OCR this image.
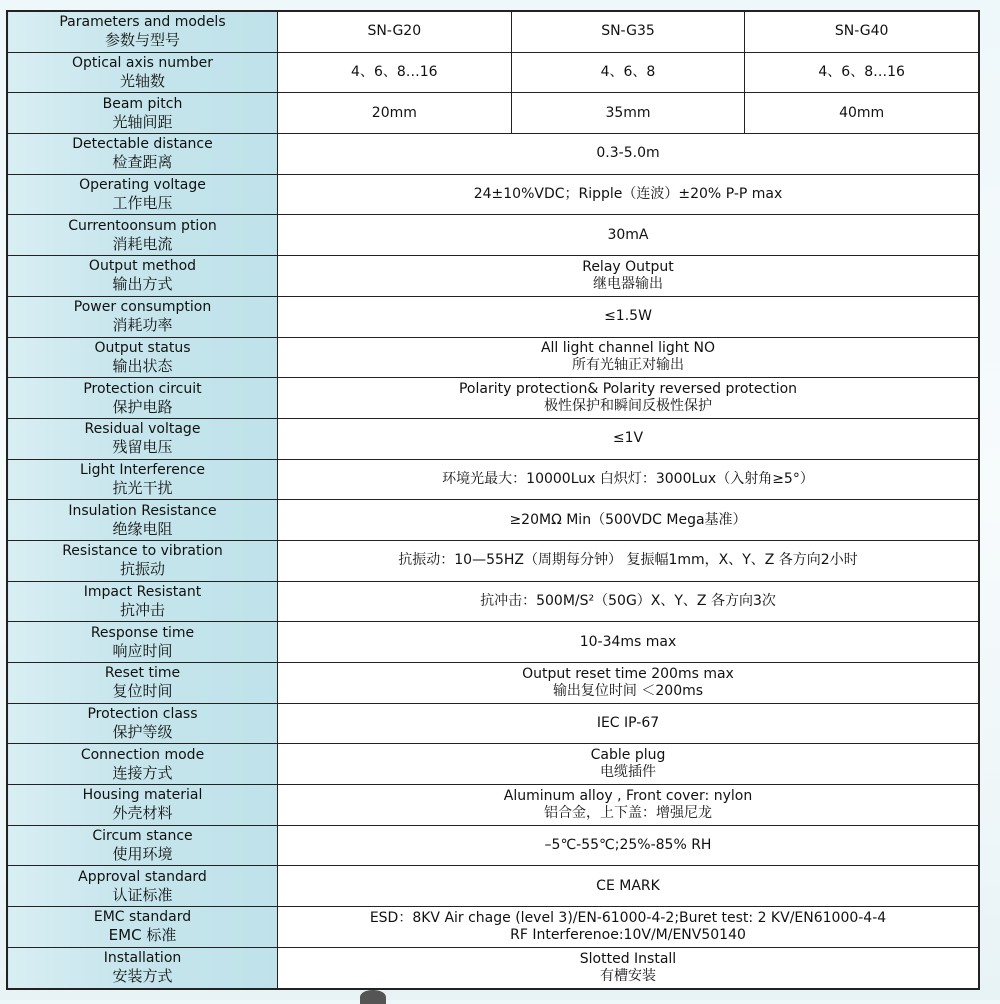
Parameters and models
参数与型号	SN-G20	SN-G35	SN-G40

Optical axis number
光轴数	4、6、8…16	4、6、8	4、6、8…16

Beam pitch
光轴间距	20mm	35mm	40mm

Detectable distance
检查距离	0.3-5.0m		

Operating voltage
工作电压	24±10%VDC；Ripple（连波）±20% P-P max		

Currentoonsum ption
消耗电流	30mA		

Output method
输出方式	Relay Output
继电器输出		

Power consumption
消耗功率	≤1.5W		

Output status
输出状态	All light channel light NO
所有光轴正对输出		

Protection circuit
保护电路	Polarity protection& Polarity reversed protection
极性保护和瞬间反极性保护		

Residual voltage
残留电压	≤1V		

Light Interference
抗光干扰	环境光最大：10000Lux 白炽灯：3000Lux（入射角≥5°）		

Insulation Resistance
绝缘电阻	≥20MΩ Min（500VDC Mega基准）		

Resistance to vibration
抗振动	抗振动：10—55HZ（周期每分钟） 复振幅1mm，X、Y、Z 各方向2小时		

Impact Resistant
抗冲击	抗冲击：500M/S²（50G）X、Y、Z 各方向3次		

Response time
响应时间	10-34ms max		

Reset time
复位时间	Output reset time 200ms max
输出复位时间 ＜200ms		

Protection class
保护等级	IEC IP-67		

Connection mode
连接方式	Cable plug
电缆插件		

Housing material
外壳材料	Aluminum alloy , Front cover: nylon
铝合金，上下盖：增强尼龙		

Circum stance
使用环境	–5℃-55℃;25%-85% RH		

Approval standard
认证标准	CE MARK		

EMC standard
EMC 标准	ESD：8KV Air chage (level 3)/EN-61000-4-2;Buret test: 2 KV/EN61000-4-4
RF Interferenoe:10V/M/ENV50140		

Installation
安装方式	Slotted Install
有槽安装		
